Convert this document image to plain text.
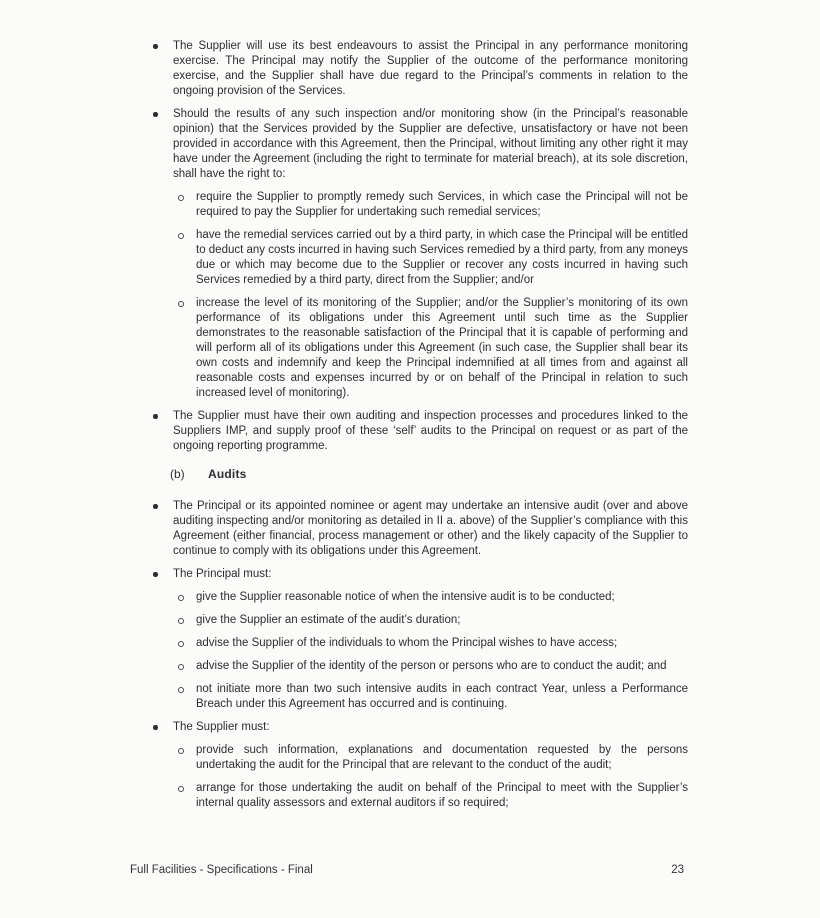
The Supplier will use its best endeavours to assist the Principal in any performance monitoring exercise. The Principal may notify the Supplier of the outcome of the performance monitoring exercise, and the Supplier shall have due regard to the Principal’s comments in relation to the ongoing provision of the Services.

Should the results of any such inspection and/or monitoring show (in the Principal’s reasonable opinion) that the Services provided by the Supplier are defective, unsatisfactory or have not been provided in accordance with this Agreement, then the Principal, without limiting any other right it may have under the Agreement (including the right to terminate for material breach), at its sole discretion, shall have the right to:

require the Supplier to promptly remedy such Services, in which case the Principal will not be required to pay the Supplier for undertaking such remedial services;

have the remedial services carried out by a third party, in which case the Principal will be entitled to deduct any costs incurred in having such Services remedied by a third party, from any moneys due or which may become due to the Supplier or recover any costs incurred in having such Services remedied by a third party, direct from the Supplier; and/or

increase the level of its monitoring of the Supplier; and/or the Supplier’s monitoring of its own performance of its obligations under this Agreement until such time as the Supplier demonstrates to the reasonable satisfaction of the Principal that it is capable of performing and will perform all of its obligations under this Agreement (in such case, the Supplier shall bear its own costs and indemnify and keep the Principal indemnified at all times from and against all reasonable costs and expenses incurred by or on behalf of the Principal in relation to such increased level of monitoring).

The Supplier must have their own auditing and inspection processes and procedures linked to the Suppliers IMP, and supply proof of these ‘self’ audits to the Principal on request or as part of the ongoing reporting programme.

(b)	Audits

The Principal or its appointed nominee or agent may undertake an intensive audit (over and above auditing inspecting and/or monitoring as detailed in II a. above) of the Supplier’s compliance with this Agreement (either financial, process management or other) and the likely capacity of the Supplier to continue to comply with its obligations under this Agreement.

The Principal must:

give the Supplier reasonable notice of when the intensive audit is to be conducted;

give the Supplier an estimate of the audit’s duration;

advise the Supplier of the individuals to whom the Principal wishes to have access;

advise the Supplier of the identity of the person or persons who are to conduct the audit; and

not initiate more than two such intensive audits in each contract Year, unless a Performance Breach under this Agreement has occurred and is continuing.

The Supplier must:

provide such information, explanations and documentation requested by the persons undertaking the audit for the Principal that are relevant to the conduct of the audit;

arrange for those undertaking the audit on behalf of the Principal to meet with the Supplier’s internal quality assessors and external auditors if so required;

Full Facilities - Specifications - Final	23
